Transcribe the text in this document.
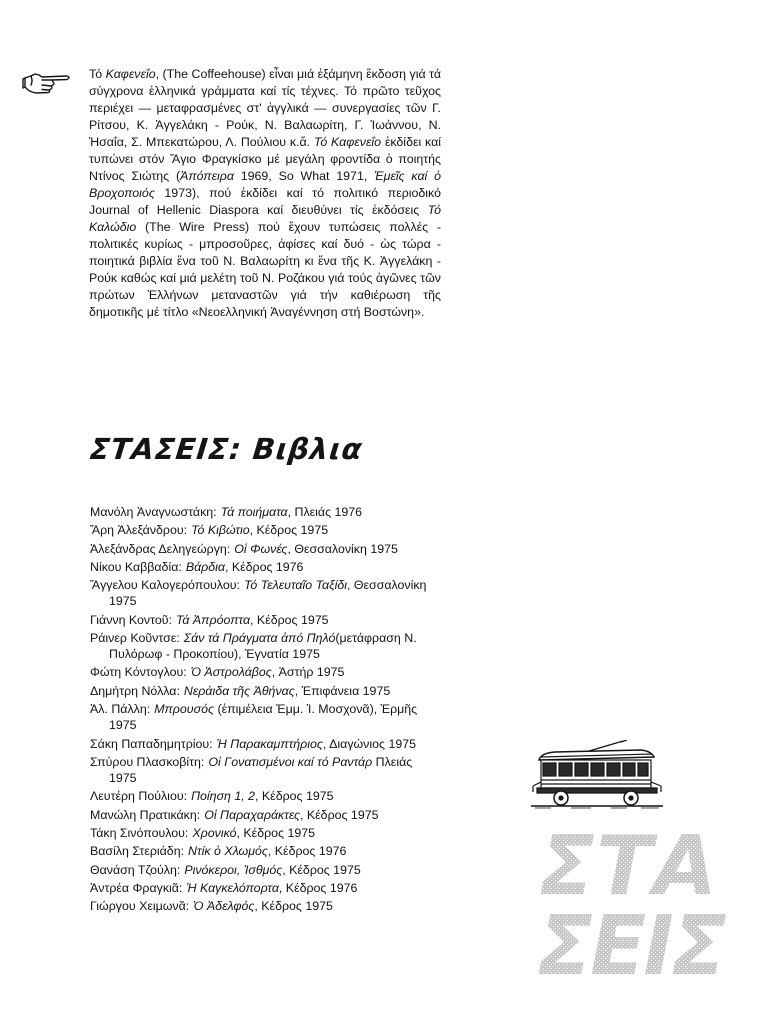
Τό Καφενεΐο, (The Coffeehouse) εἶναι μιά ἑξάμηνη ἔκδοση γιά τά σύγχρονα ἑλληνικά γράμματα καί τίς τέχνες. Τό πρῶτο τεῦχος περιέχει — μεταφρασμένες στ' ἀγγλικά — συνεργασίες τῶν Γ. Ρίτσου, Κ. Ἀγγελάκη - Ρούκ, Ν. Βαλαωρίτη, Γ. Ἰωάννου, Ν. Ἡσαΐα, Σ. Μπεκατώρου, Λ. Πούλιου κ.ἄ. Τό Καφενεΐο ἐκδίδει καί τυπώνει στόν Ἅγιο Φραγκίσκο μέ μεγάλη φροντίδα ὁ ποιητής Ντίνος Σιώτης (Ἀπόπειρα 1969, So What 1971, Ἐμεῖς καί ὁ Βροχοποιός 1973), πού ἐκδίδει καί τό πολιτικό περιοδικό Journal of Hellenic Diaspora καί διευθύνει τίς ἐκδόσεις Τό Καλώδιο (The Wire Press) πού ἔχουν τυπώσεις πολλές - πολιτικές κυρίως - μπροσοῦρες, ἀφίσες καί δυό - ὡς τώρα - ποιητικά βιβλία ἕνα τοῦ Ν. Βαλαωρίτη κι ἕνα τῆς Κ. Ἀγγελάκη - Ρούκ καθώς καί μιά μελέτη τοῦ Ν. Ροζάκου γιά τούς ἀγῶνες τῶν πρώτων Ἑλλήνων μεταναστῶν γιά τήν καθιέρωση τῆς δημοτικῆς μέ τίτλο «Νεοελληνική Ἀναγέννηση στή Βοστώνη».

ΣΤΑΣΕΙΣ: Βιβλια
Μανόλη Ἀναγνωστάκη: Τά ποιήματα, Πλειάς 1976
Ἄρη Ἀλεξάνδρου: Τό Κιβώτιο, Κέδρος 1975
Ἀλεξάνδρας Δεληγεώργη: Οἱ Φωνές, Θεσσαλονίκη 1975
Νίκου Καββαδία: Βάρδια, Κέδρος 1976
Ἄγγελου Καλογερόπουλου: Τό Τελευταῖο Ταξίδι, Θεσσαλονίκη 1975
Γιάννη Κοντοῦ: Τά Ἀπρόοπτα, Κέδρος 1975
Ράινερ Κοῦντσε: Σάν τά Πράγματα ἀπό Πηλό(μετάφραση Ν. Πυλόρωφ - Προκοπίου), Ἐγνατία 1975
Φώτη Κόντογλου: Ὁ Ἀστρολάβος, Ἀστήρ 1975
Δημήτρη Νόλλα: Νεράιδα τῆς Ἀθήνας, Ἐπιφάνεια 1975
Ἀλ. Πάλλη: Μπρουσός (ἐπιμέλεια Ἐμμ. Ἰ. Μοσχονᾶ), Ἑρμῆς 1975
Σάκη Παπαδημητρίου: Ἡ Παρακαμπτήριος, Διαγώνιος 1975
Σπύρου Πλασκοβίτη: Οἱ Γονατισμένοι καί τό Ραντάρ Πλειάς 1975
Λευτέρη Πούλιου: Ποίηση 1, 2, Κέδρος 1975
Μανώλη Πρατικάκη: Οἱ Παραχαράκτες, Κέδρος 1975
Τάκη Σινόπουλου: Χρονικό, Κέδρος 1975
Βασίλη Στεριάδη: Ντίκ ὁ Χλωμός, Κέδρος 1976
Θανάση Τζούλη: Ρινόκεροι, Ἰσθμός, Κέδρος 1975
Ἀντρέα Φραγκιᾶ: Ἡ Καγκελόπορτα, Κέδρος 1976
Γιώργου Χειμωνᾶ: Ὁ Ἀδελφός, Κέδρος 1975	ΣΤΑ
ΣΕΙΣ
